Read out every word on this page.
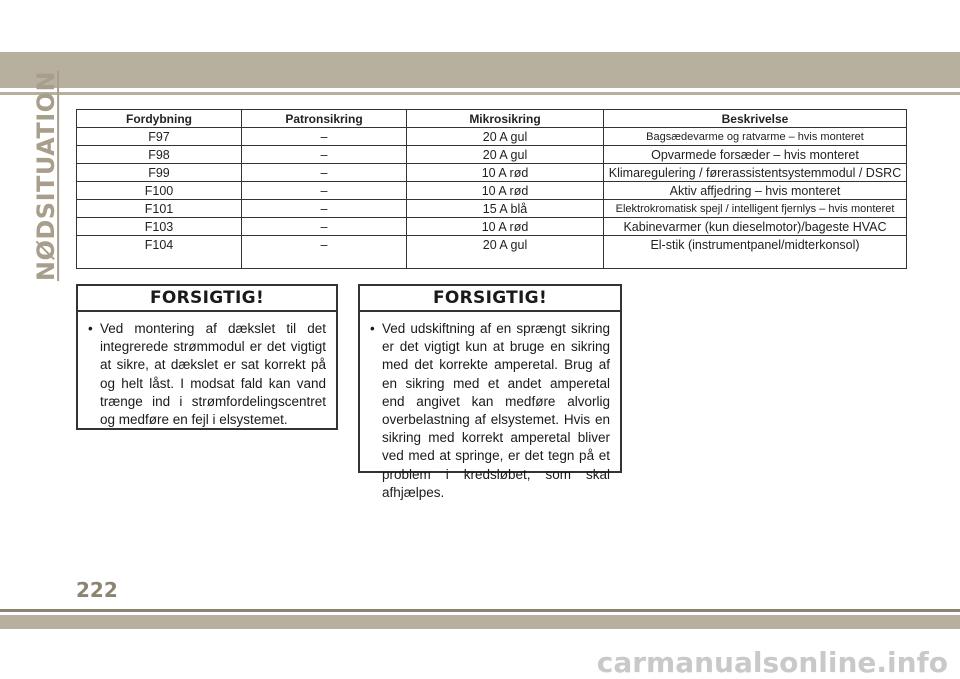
NØDSITUATION	Fordybning	Patronsikring	Mikrosikring	Beskrivelse
F97	–	20 A gul	Bagsædevarme og ratvarme – hvis monteret
F98	–	20 A gul	Opvarmede forsæder – hvis monteret
F99	–	10 A rød	Klimaregulering / førerassistentsystemmodul / DSRC
F100	–	10 A rød	Aktiv affjedring – hvis monteret
F101	–	15 A blå	Elektrokromatisk spejl / intelligent fjernlys – hvis monteret
F103	–	10 A rød	Kabinevarmer (kun dieselmotor)/bageste HVAC
F104	–	20 A gul	El-stik (instrumentpanel/midterkonsol)
FORSIGTIG!
• Ved montering af dækslet til det integrerede strømmodul er det vigtigt at sikre, at dækslet er sat korrekt på og helt låst. I modsat fald kan vand trænge ind i strømfordelingscentret og medføre en fejl i elsystemet.
FORSIGTIG!
• Ved udskiftning af en sprængt sikring er det vigtigt kun at bruge en sikring med det korrekte amperetal. Brug af en sikring med et andet amperetal end angivet kan medføre alvorlig overbelastning af elsystemet. Hvis en sikring med korrekt amperetal bliver ved med at springe, er det tegn på et problem i kredsløbet, som skal afhjælpes.
222
carmanualsonline.info
